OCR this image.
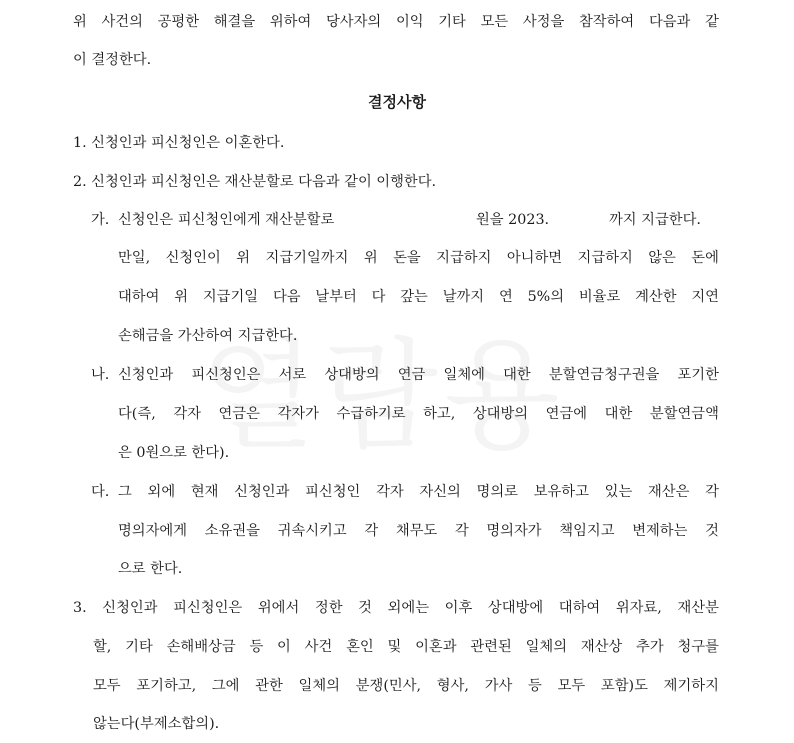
위 사건의 공평한 해결을 위하여 당사자의 이익 기타 모든 사정을 참작하여 다음과 같
이 결정한다.
결정사항
1. 신청인과 피신청인은 이혼한다.
2. 신청인과 피신청인은 재산분할로 다음과 같이 이행한다.
가. 신청인은 피신청인에게 재산분할로	원을 2023.	까지 지급한다.
만일, 신청인이 위 지급기일까지 위 돈을 지급하지 아니하면 지급하지 않은 돈에
대하여 위 지급기일 다음 날부터 다 갚는 날까지 연 5%의 비율로 계산한 지연
손해금을 가산하여 지급한다.
나. 신청인과 피신청인은 서로 상대방의 연금 일체에 대한 분할연금청구권을 포기한
다(즉, 각자 연금은 각자가 수급하기로 하고, 상대방의 연금에 대한 분할연금액
은 0원으로 한다).
다. 그 외에 현재 신청인과 피신청인 각자 자신의 명의로 보유하고 있는 재산은 각
명의자에게 소유권을 귀속시키고 각 채무도 각 명의자가 책임지고 변제하는 것
으로 한다.
3. 신청인과 피신청인은 위에서 정한 것 외에는 이후 상대방에 대하여 위자료, 재산분
할, 기타 손해배상금 등 이 사건 혼인 및 이혼과 관련된 일체의 재산상 추가 청구를
모두 포기하고, 그에 관한 일체의 분쟁(민사, 형사, 가사 등 모두 포함)도 제기하지
않는다(부제소합의).
